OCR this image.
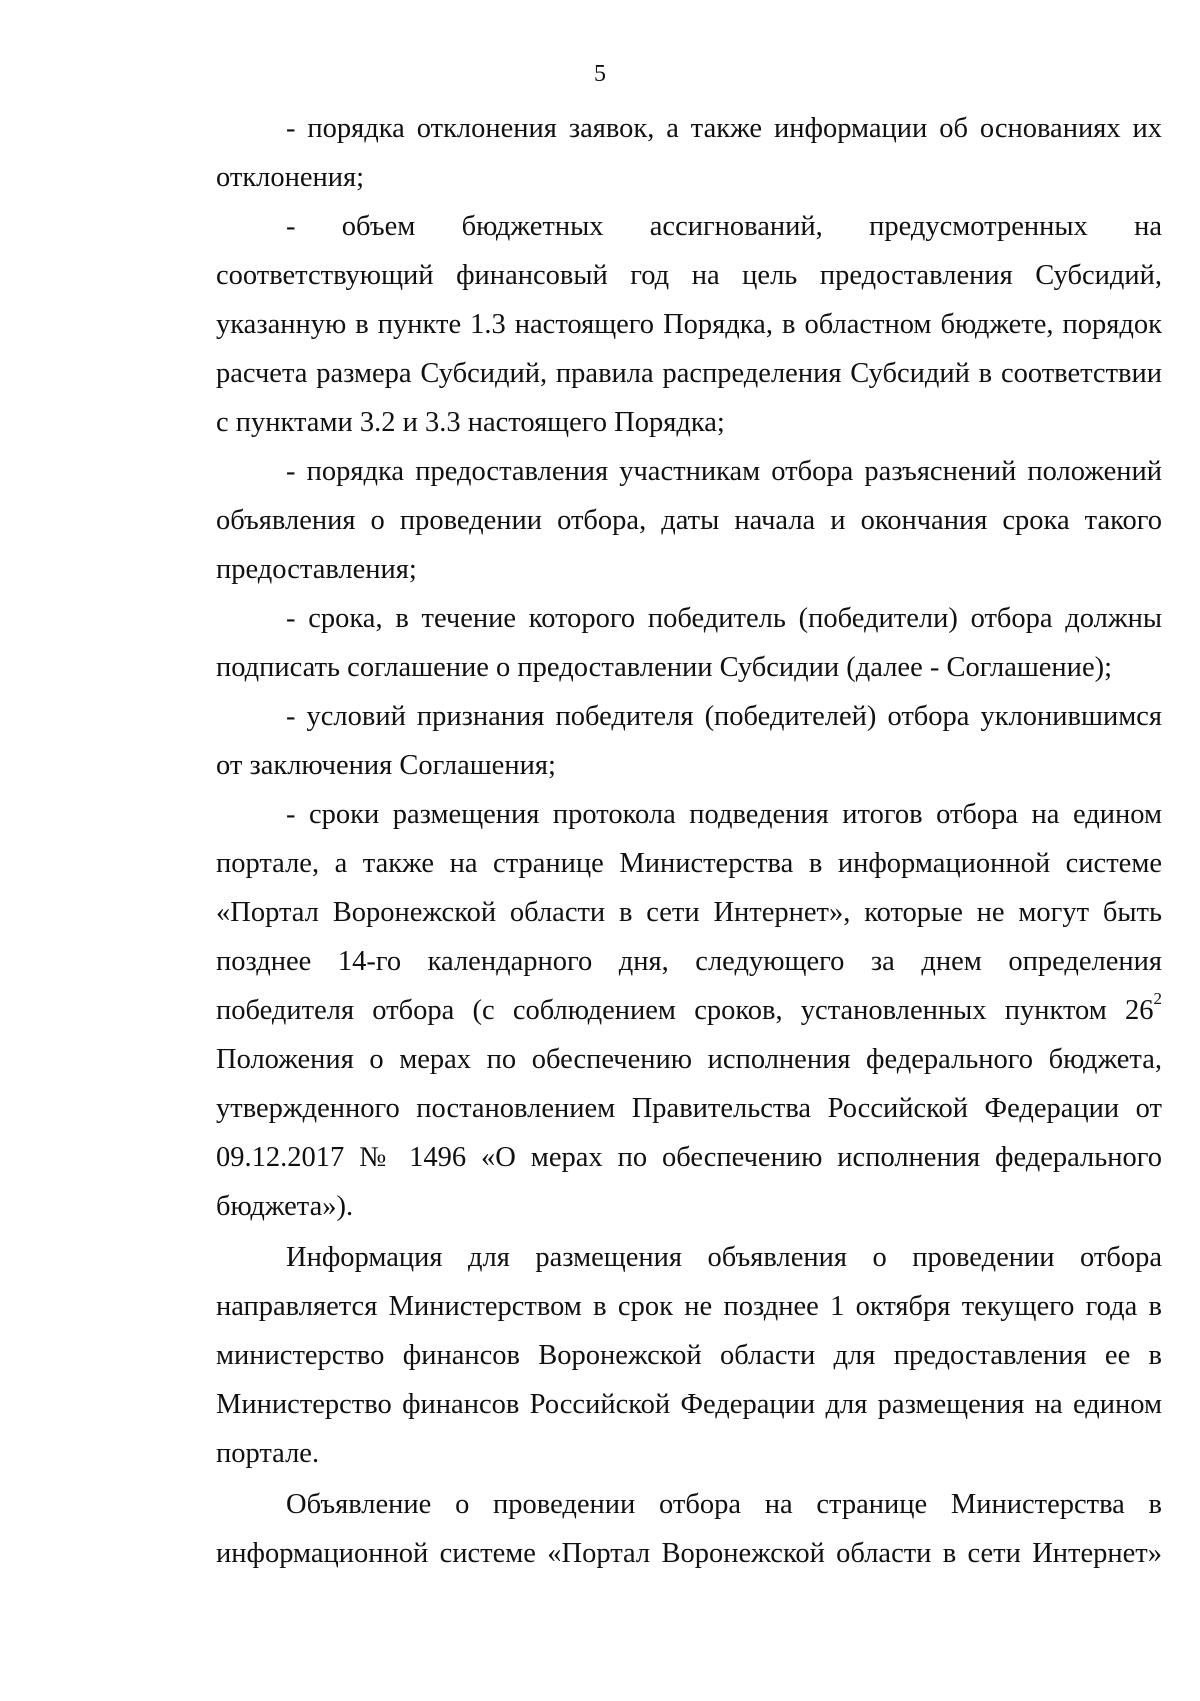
5

- порядка отклонения заявок, а также информации об основаниях их отклонения;

- объем бюджетных ассигнований, предусмотренных на соответствующий финансовый год на цель предоставления Субсидий, указанную в пункте 1.3 настоящего Порядка, в областном бюджете, порядок расчета размера Субсидий, правила распределения Субсидий в соответствии с пунктами 3.2 и 3.3 настоящего Порядка;

- порядка предоставления участникам отбора разъяснений положений объявления о проведении отбора, даты начала и окончания срока такого предоставления;

- срока, в течение которого победитель (победители) отбора должны подписать соглашение о предоставлении Субсидии (далее - Соглашение);

- условий признания победителя (победителей) отбора уклонившимся от заключения Соглашения;

- сроки размещения протокола подведения итогов отбора на едином портале, а также на странице Министерства в информационной системе «Портал Воронежской области в сети Интернет», которые не могут быть позднее 14-го календарного дня, следующего за днем определения победителя отбора (с соблюдением сроков, установленных пунктом $26^2$ Положения о мерах по обеспечению исполнения федерального бюджета, утвержденного постановлением Правительства Российской Федерации от 09.12.2017 № 1496 «О мерах по обеспечению исполнения федерального бюджета»).

Информация для размещения объявления о проведении отбора направляется Министерством в срок не позднее 1 октября текущего года в министерство финансов Воронежской области для предоставления ее в Министерство финансов Российской Федерации для размещения на едином портале.

Объявление о проведении отбора на странице Министерства в информационной системе «Портал Воронежской области в сети Интернет»
